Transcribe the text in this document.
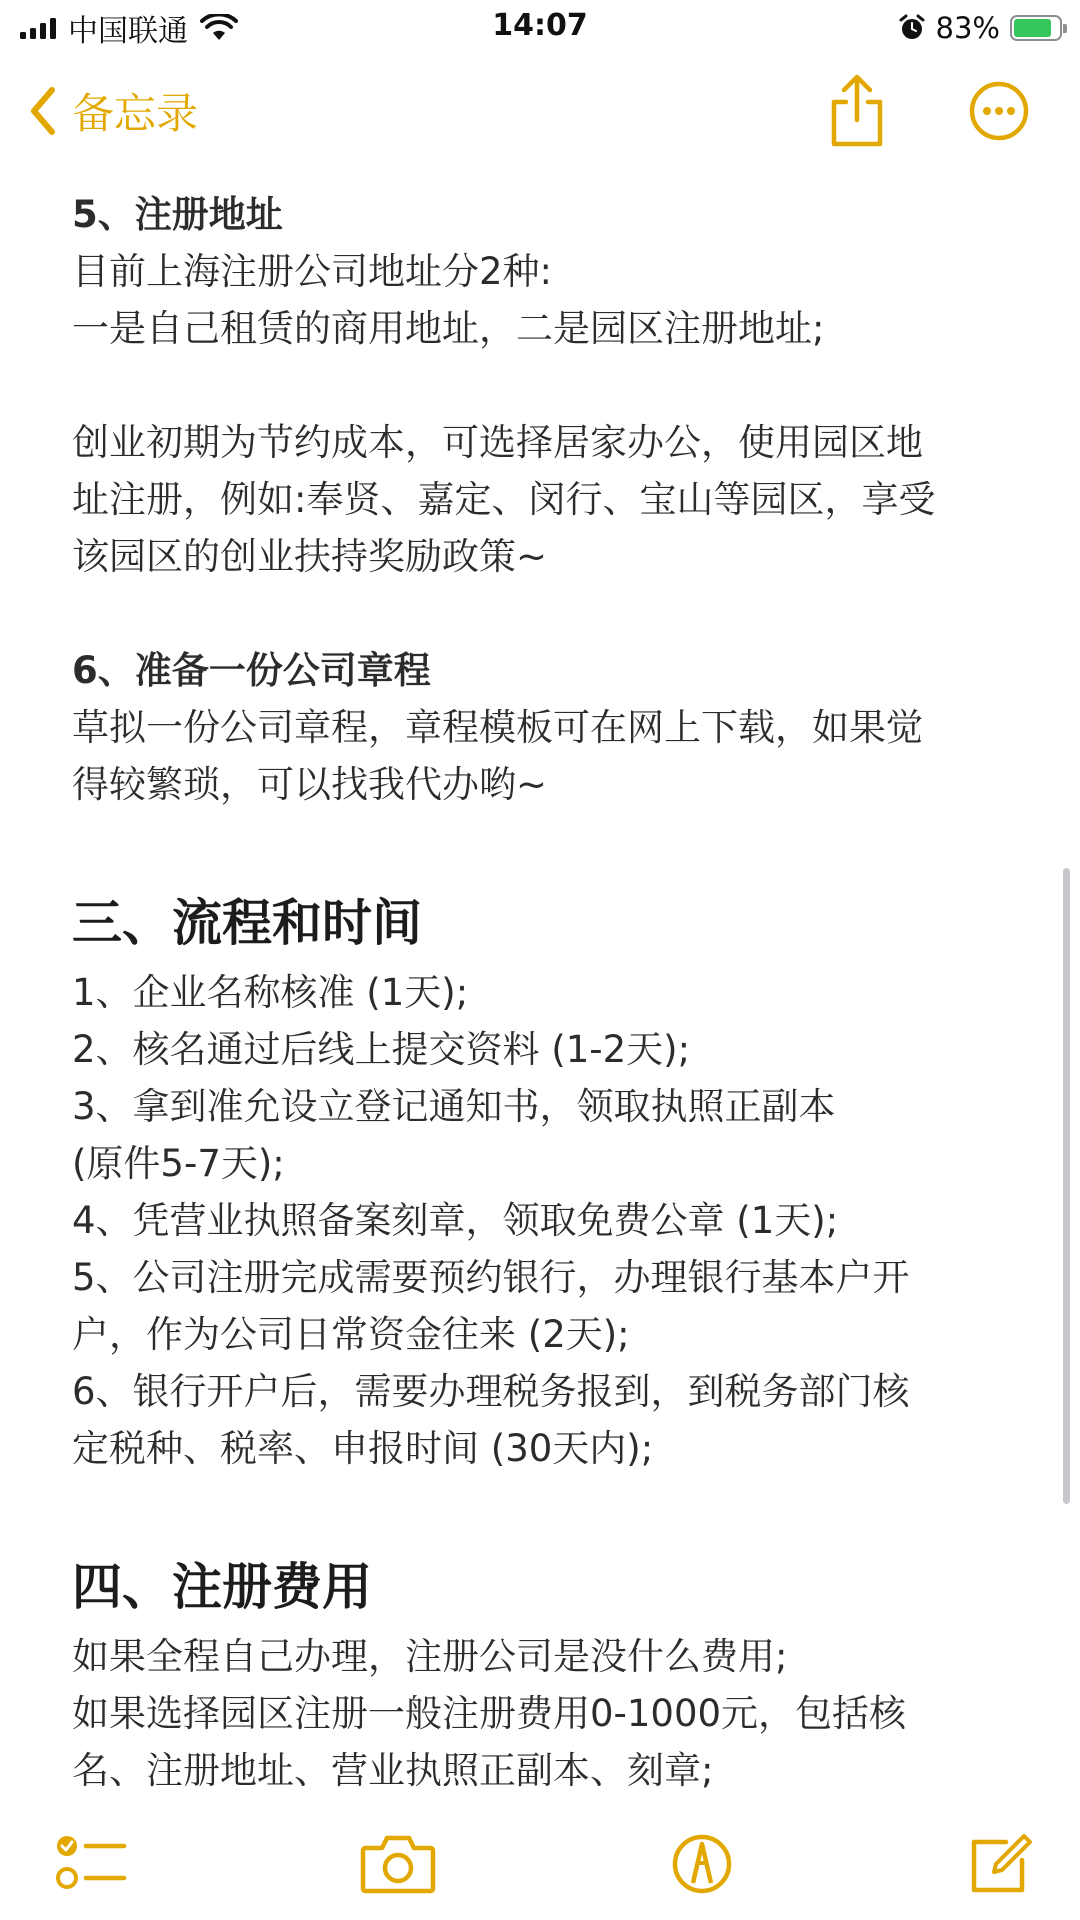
中国联通	14:07	83%
备忘录

5、注册地址

目前上海注册公司地址分2种:

一是自己租赁的商用地址，二是园区注册地址;

创业初期为节约成本，可选择居家办公，使用园区地

址注册，例如:奉贤、嘉定、闵行、宝山等园区，享受

该园区的创业扶持奖励政策~

6、准备一份公司章程

草拟一份公司章程，章程模板可在网上下载，如果觉

得较繁琐，可以找我代办哟~

三、流程和时间

1、企业名称核准 (1天);

2、核名通过后线上提交资料 (1-2天);

3、拿到准允设立登记通知书，领取执照正副本

(原件5-7天);

4、凭营业执照备案刻章，领取免费公章 (1天);

5、公司注册完成需要预约银行，办理银行基本户开

户，作为公司日常资金往来 (2天);

6、银行开户后，需要办理税务报到，到税务部门核

定税种、税率、申报时间 (30天内);

四、注册费用

如果全程自己办理，注册公司是没什么费用;

如果选择园区注册一般注册费用0-1000元，包括核

名、注册地址、营业执照正副本、刻章;
